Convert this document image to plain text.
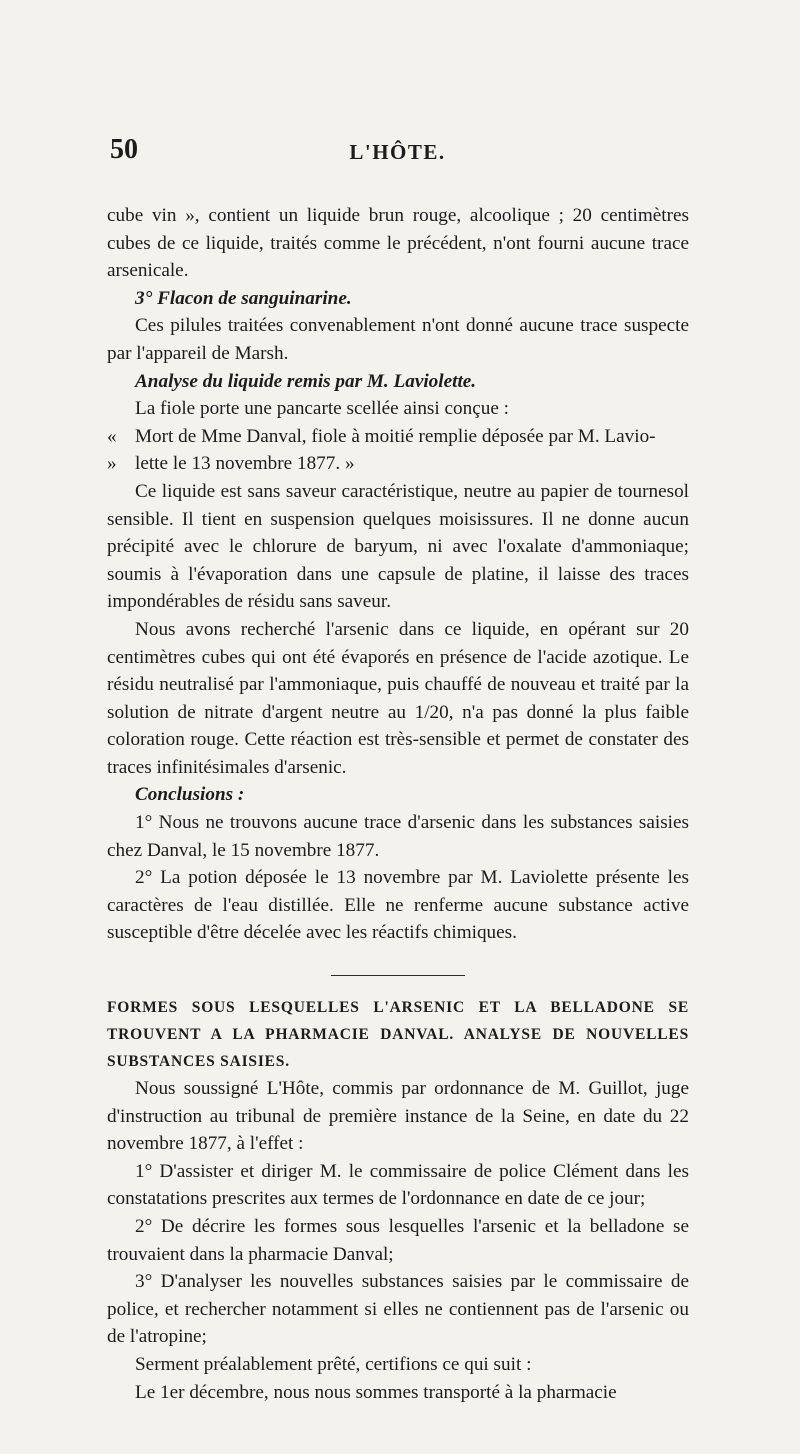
50	L'HÔTE.

cube vin », contient un liquide brun rouge, alcoolique ; 20 centimètres cubes de ce liquide, traités comme le précédent, n'ont fourni aucune trace arsenicale.

3° Flacon de sanguinarine.

Ces pilules traitées convenablement n'ont donné aucune trace suspecte par l'appareil de Marsh.

Analyse du liquide remis par M. Laviolette.

La fiole porte une pancarte scellée ainsi conçue :

« Mort de Mme Danval, fiole à moitié remplie déposée par M. Lavio-
» lette le 13 novembre 1877. »

Ce liquide est sans saveur caractéristique, neutre au papier de tournesol sensible. Il tient en suspension quelques moisissures. Il ne donne aucun précipité avec le chlorure de baryum, ni avec l'oxalate d'ammoniaque; soumis à l'évaporation dans une capsule de platine, il laisse des traces impondérables de résidu sans saveur.

Nous avons recherché l'arsenic dans ce liquide, en opérant sur 20 centimètres cubes qui ont été évaporés en présence de l'acide azotique. Le résidu neutralisé par l'ammoniaque, puis chauffé de nouveau et traité par la solution de nitrate d'argent neutre au 1/20, n'a pas donné la plus faible coloration rouge. Cette réaction est très-sensible et permet de constater des traces infinitésimales d'arsenic.

Conclusions :

1° Nous ne trouvons aucune trace d'arsenic dans les substances saisies chez Danval, le 15 novembre 1877.

2° La potion déposée le 13 novembre par M. Laviolette présente les caractères de l'eau distillée. Elle ne renferme aucune substance active susceptible d'être décelée avec les réactifs chimiques.

FORMES SOUS LESQUELLES L'ARSENIC ET LA BELLADONE SE TROUVENT A LA PHARMACIE DANVAL. ANALYSE DE NOUVELLES SUBSTANCES SAISIES.

Nous soussigné L'Hôte, commis par ordonnance de M. Guillot, juge d'instruction au tribunal de première instance de la Seine, en date du 22 novembre 1877, à l'effet :

1° D'assister et diriger M. le commissaire de police Clément dans les constatations prescrites aux termes de l'ordonnance en date de ce jour;

2° De décrire les formes sous lesquelles l'arsenic et la belladone se trouvaient dans la pharmacie Danval;

3° D'analyser les nouvelles substances saisies par le commissaire de police, et rechercher notamment si elles ne contiennent pas de l'arsenic ou de l'atropine;

Serment préalablement prêté, certifions ce qui suit :

Le 1er décembre, nous nous sommes transporté à la pharmacie
